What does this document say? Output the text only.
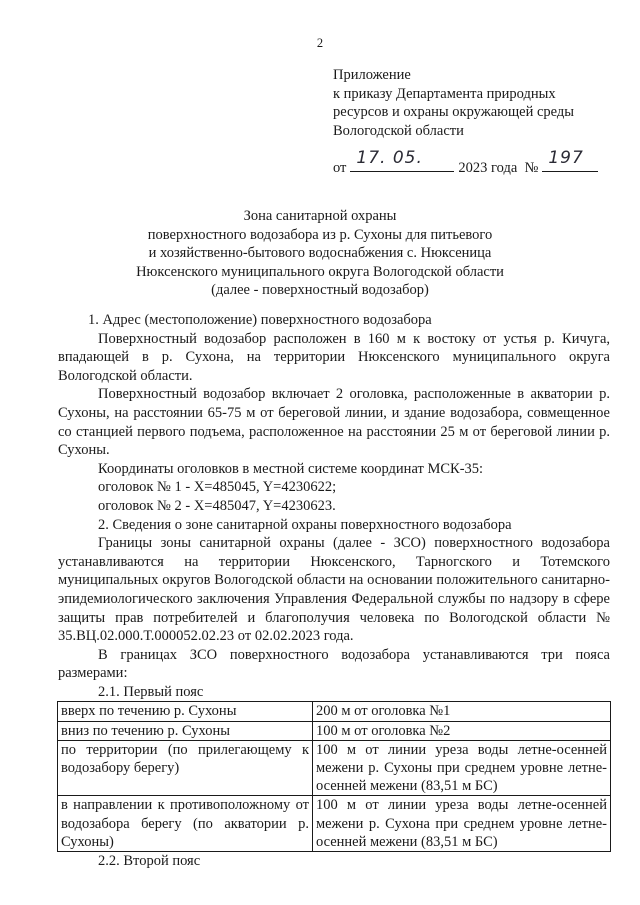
2
Приложение
к приказу Департамента природных
ресурсов и охраны окружающей среды
Вологодской области
от 17. 05. 2023 года № 197
Зона санитарной охраны
поверхностного водозабора из р. Сухоны для питьевого
и хозяйственно-бытового водоснабжения с. Нюксеница
Нюксенского муниципального округа Вологодской области
(далее - поверхностный водозабор)

1. Адрес (местоположение) поверхностного водозабора

Поверхностный водозабор расположен в 160 м к востоку от устья р. Кичуга, впадающей в р. Сухона, на территории Нюксенского муниципального округа Вологодской области.

Поверхностный водозабор включает 2 оголовка, расположенные в акватории р. Сухоны, на расстоянии 65-75 м от береговой линии, и здание водозабора, совмещенное со станцией первого подъема, расположенное на расстоянии 25 м от береговой линии р. Сухоны.

Координаты оголовков в местной системе координат МСК-35:

оголовок № 1 - X=485045, Y=4230622;

оголовок № 2 - X=485047, Y=4230623.

2. Сведения о зоне санитарной охраны поверхностного водозабора

Границы зоны санитарной охраны (далее - ЗСО) поверхностного водозабора устанавливаются на территории Нюксенского, Тарногского и Тотемского муниципальных округов Вологодской области на основании положительного санитарно-эпидемиологического заключения Управления Федеральной службы по надзору в сфере защиты прав потребителей и благополучия человека по Вологодской области № 35.ВЦ.02.000.Т.000052.02.23 от 02.02.2023 года.

В границах ЗСО поверхностного водозабора устанавливаются три пояса размерами:

2.1. Первый пояс

вверх по течению р. Сухоны	200 м от оголовка №1
вниз по течению р. Сухоны	100 м от оголовка №2
по территории (по прилегающему к водозабору берегу)	100 м от линии уреза воды летне-осенней межени р. Сухоны при среднем уровне летне-осенней межени (83,51 м БС)
в направлении к противоположному от водозабора берегу (по акватории р. Сухоны)	100 м от линии уреза воды летне-осенней межени р. Сухона при среднем уровне летне-осенней межени (83,51 м БС)

2.2. Второй пояс
